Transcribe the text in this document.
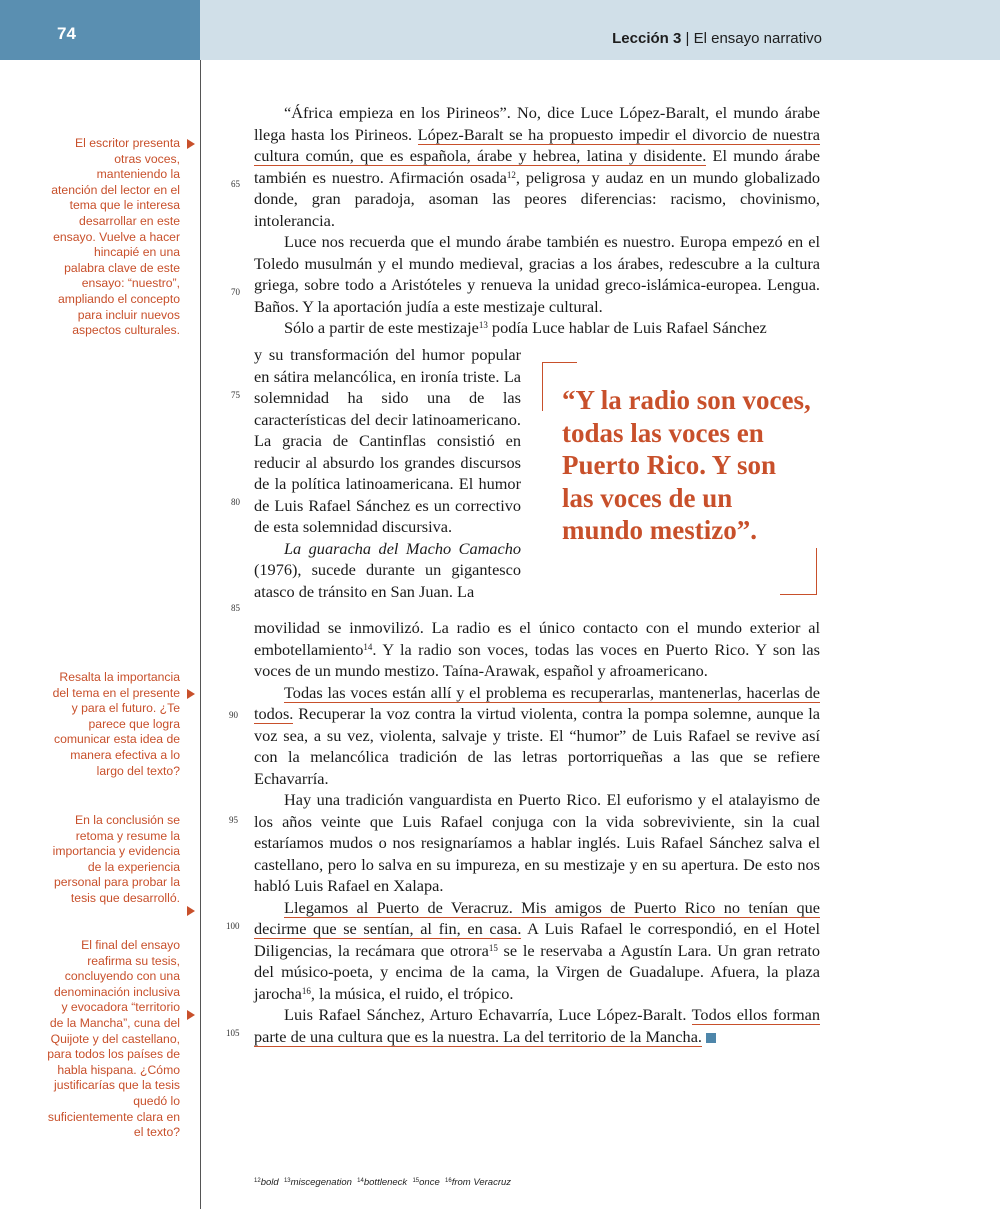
74	Lección 3 | El ensayo narrativo
El escritor presenta otras voces, manteniendo la atención del lector en el tema que le interesa desarrollar en este ensayo. Vuelve a hacer hincapié en una palabra clave de este ensayo: “nuestro”, ampliando el concepto para incluir nuevos aspectos culturales.
Resalta la importancia del tema en el presente y para el futuro. ¿Te parece que logra comunicar esta idea de manera efectiva a lo largo del texto?
En la conclusión se retoma y resume la importancia y evidencia de la experiencia personal para probar la tesis que desarrolló.
El final del ensayo reafirma su tesis, concluyendo con una denominación inclusiva y evocadora “territorio de la Mancha”, cuna del Quijote y del castellano, para todos los países de habla hispana. ¿Cómo justificarías que la tesis quedó lo suficientemente clara en el texto?
65
70
75
80
85
90
95
100
105

“África empieza en los Pirineos”. No, dice Luce López-Baralt, el mundo árabe llega hasta los Pirineos. López-Baralt se ha propuesto impedir el divorcio de nuestra cultura común, que es española, árabe y hebrea, latina y disidente. El mundo árabe también es nuestro. Afirmación osada$^{12}$, peligrosa y audaz en un mundo globalizado donde, gran paradoja, asoman las peores diferencias: racismo, chovinismo, intolerancia.

Luce nos recuerda que el mundo árabe también es nuestro. Europa empezó en el Toledo musulmán y el mundo medieval, gracias a los árabes, redescubre a la cultura griega, sobre todo a Aristóteles y renueva la unidad greco-islámica-europea. Lengua. Baños. Y la aportación judía a este mestizaje cultural.

Sólo a partir de este mestizaje$^{13}$ podía Luce hablar de Luis Rafael Sánchez

y su transformación del humor popular en sátira melancólica, en ironía triste. La solemnidad ha sido una de las características del decir latinoamericano. La gracia de Cantinflas consistió en reducir al absurdo los grandes discursos de la política latinoamericana. El humor de Luis Rafael Sánchez es un correctivo de esta solemnidad discursiva.

La guaracha del Macho Camacho (1976), sucede durante un gigantesco atasco de tránsito en San Juan. La

“Y la radio son voces, todas las voces en Puerto Rico. Y son las voces de un mundo mestizo”.

movilidad se inmovilizó. La radio es el único contacto con el mundo exterior al embotellamiento$^{14}$. Y la radio son voces, todas las voces en Puerto Rico. Y son las voces de un mundo mestizo. Taína-Arawak, español y afroamericano.

Todas las voces están allí y el problema es recuperarlas, mantenerlas, hacerlas de todos. Recuperar la voz contra la virtud violenta, contra la pompa solemne, aunque la voz sea, a su vez, violenta, salvaje y triste. El “humor” de Luis Rafael se revive así con la melancólica tradición de las letras portorriqueñas a las que se refiere Echavarría.

Hay una tradición vanguardista en Puerto Rico. El euforismo y el atalayismo de los años veinte que Luis Rafael conjuga con la vida sobreviviente, sin la cual estaríamos mudos o nos resignaríamos a hablar inglés. Luis Rafael Sánchez salva el castellano, pero lo salva en su impureza, en su mestizaje y en su apertura. De esto nos habló Luis Rafael en Xalapa.

Llegamos al Puerto de Veracruz. Mis amigos de Puerto Rico no tenían que decirme que se sentían, al fin, en casa. A Luis Rafael le correspondió, en el Hotel Diligencias, la recámara que otrora$^{15}$ se le reservaba a Agustín Lara. Un gran retrato del músico-poeta, y encima de la cama, la Virgen de Guadalupe. Afuera, la plaza jarocha$^{16}$, la música, el ruido, el trópico.

Luis Rafael Sánchez, Arturo Echavarría, Luce López-Baralt. Todos ellos forman parte de una cultura que es la nuestra. La del territorio de la Mancha.

$^{12}$bold $^{13}$miscegenation $^{14}$bottleneck $^{15}$once $^{16}$from Veracruz
